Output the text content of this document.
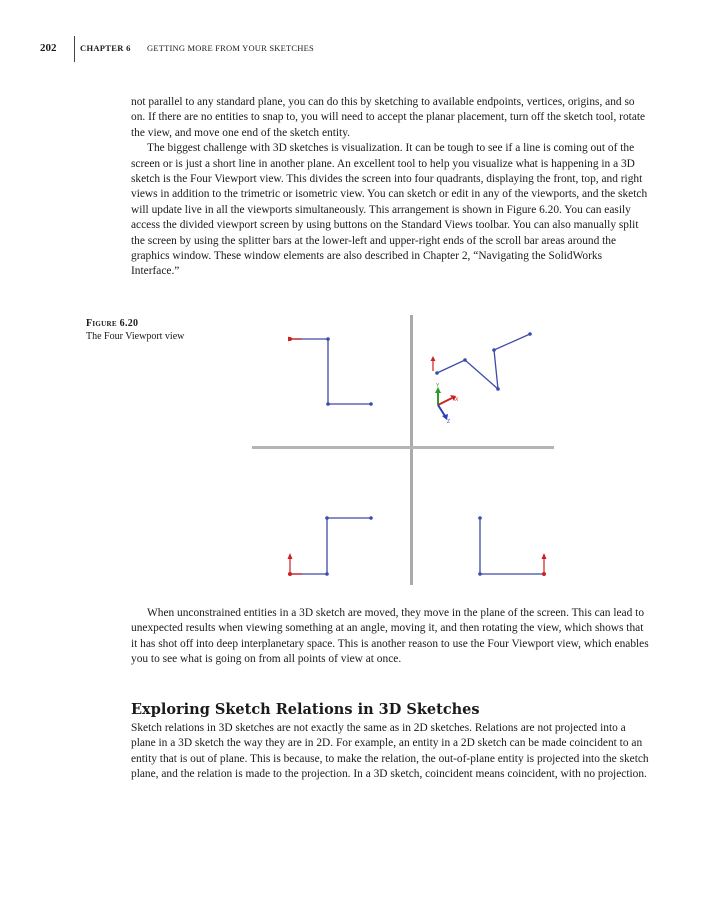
202	CHAPTER 6 GETTING MORE FROM YOUR SKETCHES

not parallel to any standard plane, you can do this by sketching to available endpoints, vertices, origins, and so on. If there are no entities to snap to, you will need to accept the planar placement, turn off the sketch tool, rotate the view, and move one end of the sketch entity.

The biggest challenge with 3D sketches is visualization. It can be tough to see if a line is coming out of the screen or is just a short line in another plane. An excellent tool to help you visualize what is happening in a 3D sketch is the Four Viewport view. This divides the screen into four quadrants, displaying the front, top, and right views in addition to the trimetric or isometric view. You can sketch or edit in any of the viewports, and the sketch will update live in all the viewports simultaneously. This arrangement is shown in Figure 6.20. You can easily access the divided viewport screen by using buttons on the Standard Views toolbar. You can also manually split the screen by using the splitter bars at the lower-left and upper-right ends of the scroll bar areas around the graphics window. These window elements are also described in Chapter 2, “Navigating the SolidWorks Interface.”

Figure 6.20
The Four Viewport view
Y
X
Z

When unconstrained entities in a 3D sketch are moved, they move in the plane of the screen. This can lead to unexpected results when viewing something at an angle, moving it, and then rotating the view, which shows that it has shot off into deep interplanetary space. This is another reason to use the Four Viewport view, which enables you to see what is going on from all points of view at once.

Exploring Sketch Relations in 3D Sketches

Sketch relations in 3D sketches are not exactly the same as in 2D sketches. Relations are not projected into a plane in a 3D sketch the way they are in 2D. For example, an entity in a 2D sketch can be made coincident to an entity that is out of plane. This is because, to make the relation, the out-of-plane entity is projected into the sketch plane, and the relation is made to the projection. In a 3D sketch, coincident means coincident, with no projection.
